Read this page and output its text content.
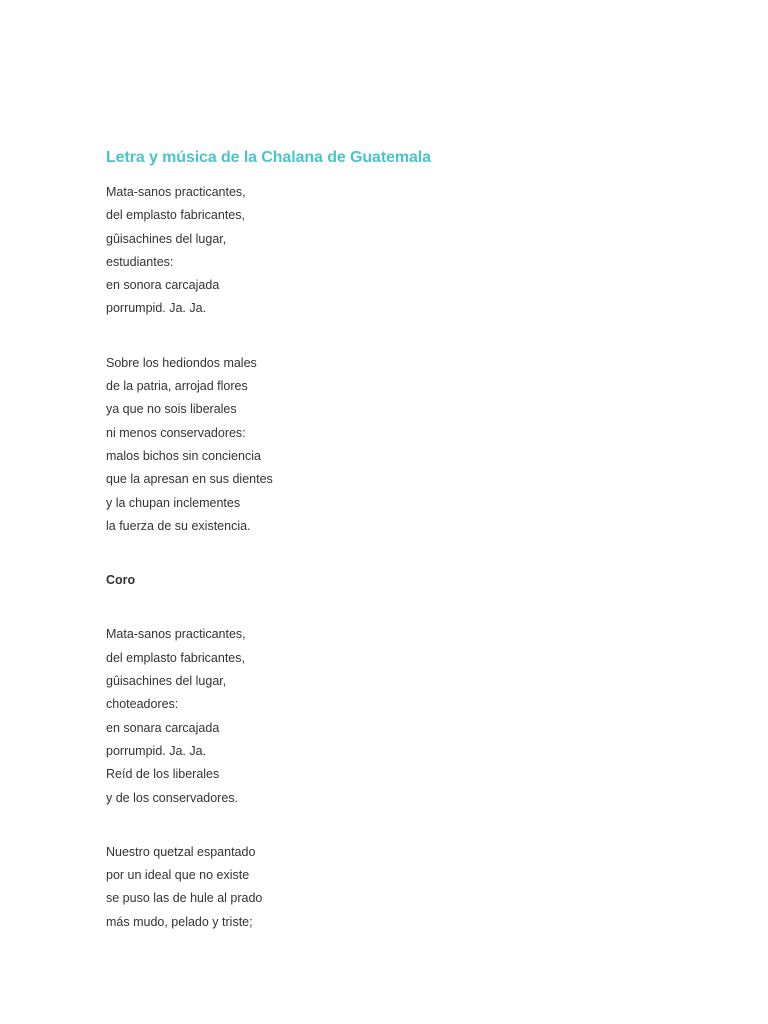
Letra y música de la Chalana de Guatemala
Mata-sanos practicantes,
del emplasto fabricantes,
gûisachines del lugar,
estudiantes:
en sonora carcajada
porrumpid. Ja. Ja.
Sobre los hediondos males
de la patria, arrojad flores
ya que no sois liberales
ni menos conservadores:
malos bichos sin conciencia
que la apresan en sus dientes
y la chupan inclementes
la fuerza de su existencia.
Coro
Mata-sanos practicantes,
del emplasto fabricantes,
gûisachines del lugar,
choteadores:
en sonara carcajada
porrumpid. Ja. Ja.
Reíd de los liberales
y de los conservadores.
Nuestro quetzal espantado
por un ideal que no existe
se puso las de hule al prado
más mudo, pelado y triste;
